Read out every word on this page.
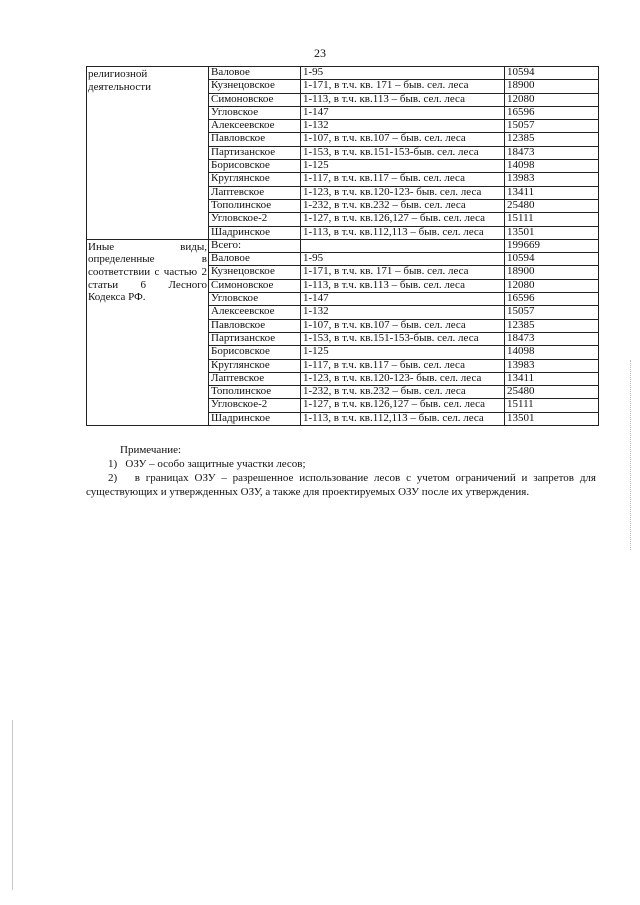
23
религиозной деятельности	Валовое	1-95	10594
	Кузнецовское	1-171, в т.ч. кв. 171 – быв. сел. леса	18900
	Симоновское	1-113, в т.ч. кв.113 – быв. сел. леса	12080
	Угловское	1-147	16596
	Алексеевское	1-132	15057
	Павловское	1-107, в т.ч. кв.107 – быв. сел. леса	12385
	Партизанское	1-153, в т.ч. кв.151-153-быв. сел. леса	18473
	Борисовское	1-125	14098
	Круглянское	1-117, в т.ч. кв.117 – быв. сел. леса	13983
	Лаптевское	1-123, в т.ч. кв.120-123- быв. сел. леса	13411
	Тополинское	1-232, в т.ч. кв.232 – быв. сел. леса	25480
	Угловское-2	1-127, в т.ч. кв.126,127 – быв. сел. леса	15111
	Шадринское	1-113, в т.ч. кв.112,113 – быв. сел. леса	13501
Иные виды, определенные в соответствии с частью 2 статьи 6 Лесного Кодекса РФ.	Всего:		199669
	Валовое	1-95	10594
	Кузнецовское	1-171, в т.ч. кв. 171 – быв. сел. леса	18900
	Симоновское	1-113, в т.ч. кв.113 – быв. сел. леса	12080
	Угловское	1-147	16596
	Алексеевское	1-132	15057
	Павловское	1-107, в т.ч. кв.107 – быв. сел. леса	12385
	Партизанское	1-153, в т.ч. кв.151-153-быв. сел. леса	18473
	Борисовское	1-125	14098
	Круглянское	1-117, в т.ч. кв.117 – быв. сел. леса	13983
	Лаптевское	1-123, в т.ч. кв.120-123- быв. сел. леса	13411
	Тополинское	1-232, в т.ч. кв.232 – быв. сел. леса	25480
	Угловское-2	1-127, в т.ч. кв.126,127 – быв. сел. леса	15111
	Шадринское	1-113, в т.ч. кв.112,113 – быв. сел. леса	13501
Примечание:
1)   ОЗУ – особо защитные участки лесов;
2)   в границах ОЗУ – разрешенное использование лесов с учетом ограничений и запретов для существующих и утвержденных ОЗУ, а также для проектируемых ОЗУ после их утверждения.
